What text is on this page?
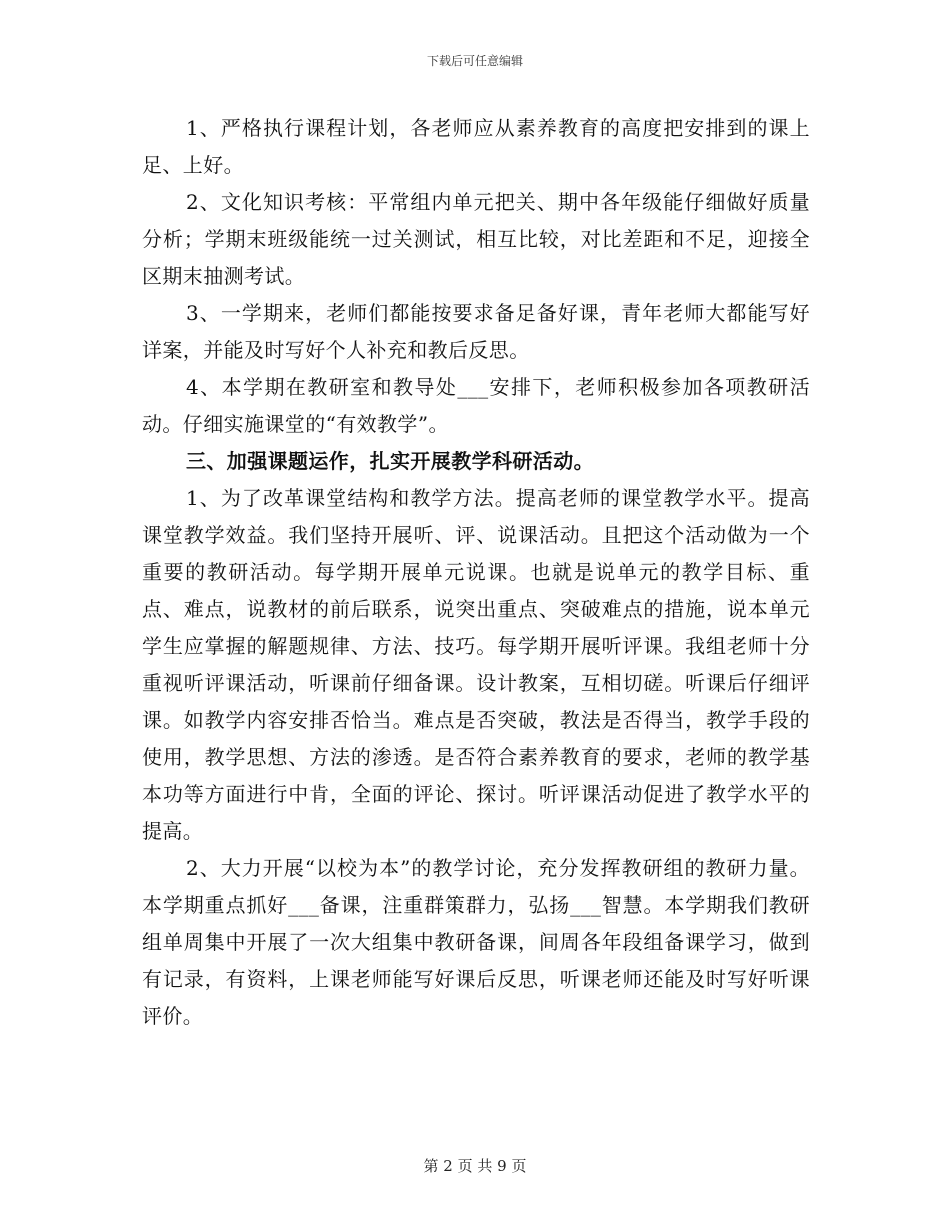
下载后可任意编辑

1、严格执行课程计划，各老师应从素养教育的高度把安排到的课上足、上好。

2、文化知识考核：平常组内单元把关、期中各年级能仔细做好质量分析；学期末班级能统一过关测试，相互比较，对比差距和不足，迎接全区期末抽测考试。

3、一学期来，老师们都能按要求备足备好课，青年老师大都能写好详案，并能及时写好个人补充和教后反思。

4、本学期在教研室和教导处___安排下，老师积极参加各项教研活动。仔细实施课堂的“有效教学”。

三、加强课题运作，扎实开展教学科研活动。

1、为了改革课堂结构和教学方法。提高老师的课堂教学水平。提高课堂教学效益。我们坚持开展听、评、说课活动。且把这个活动做为一个重要的教研活动。每学期开展单元说课。也就是说单元的教学目标、重点、难点，说教材的前后联系，说突出重点、突破难点的措施，说本单元学生应掌握的解题规律、方法、技巧。每学期开展听评课。我组老师十分重视听评课活动，听课前仔细备课。设计教案，互相切磋。听课后仔细评课。如教学内容安排否恰当。难点是否突破，教法是否得当，教学手段的使用，教学思想、方法的渗透。是否符合素养教育的要求，老师的教学基本功等方面进行中肯，全面的评论、探讨。听评课活动促进了教学水平的提高。

2、大力开展“以校为本”的教学讨论，充分发挥教研组的教研力量。本学期重点抓好___备课，注重群策群力，弘扬___智慧。本学期我们教研组单周集中开展了一次大组集中教研备课，间周各年段组备课学习，做到有记录，有资料，上课老师能写好课后反思，听课老师还能及时写好听课评价。

第 2 页 共 9 页
